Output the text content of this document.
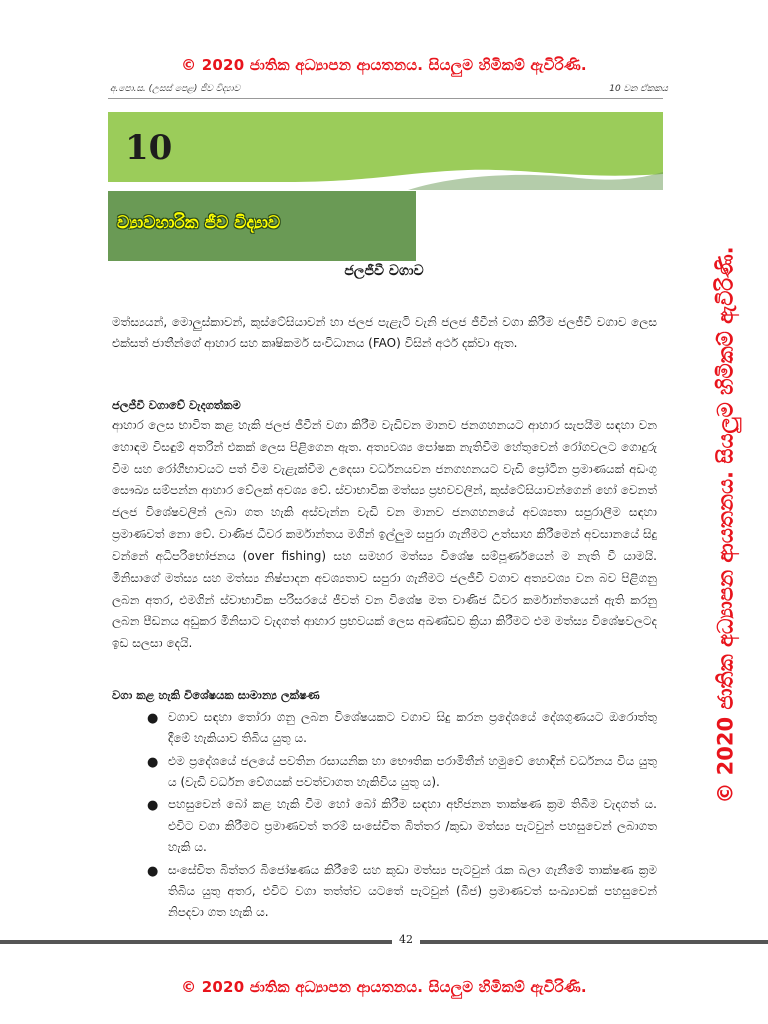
© 2020 ජාතික අධ්‍යාපන ආයතනය. සියලුම හිමිකම් ඇවිරිණි.
අ.පො.ස. (උසස් පෙළ) ජීව විද්‍යාව	10 වන ඒකකය
10
ව්‍යාවහාරික ජීව විද්‍යාව
© 2020 ජාතික අධ්‍යාපන ආයතනය. සියලුම හිමිකම් ඇවිරිණි.
ජලජීවී වගාව

මත්ස්‍යයන්, මොලුස්කාවන්, කුස්ටේසියාවන් හා ජලජ පැළැටි වැනි ජලජ ජීවීන් වගා කිරීම ජලජීවී වගාව ලෙස එක්සත් ජාතීන්ගේ ආහාර සහ කෘෂිකර්ම සංවිධානය (FAO) විසින් අර්ථ දක්වා ඇත.

ජලජීවී වගාවේ වැදගත්කම

ආහාර ලෙස භාවිත කළ හැකි ජලජ ජීවීන් වගා කිරීම වැඩිවන මානව ජනගහනයට ආහාර සැපයීම සඳහා වන හොඳම විසඳුම් අතරින් එකක් ලෙස පිළිගෙන ඇත. අත්‍යවශ්‍ය පෝෂක නැතිවීම හේතුවෙන් රෝගවලට ගොදුරු වීම සහ රෝගීභාවයට පත් වීම වැළැක්වීම උදෙසා වර්ධනයවන ජනගහනයට වැඩි ප්‍රෝටීන ප්‍රමාණයක් අඩංගු සෞඛ්‍ය සම්පන්න ආහාර වේලක් අවශ්‍ය වේ. ස්වාභාවික මත්ස්‍ය ප්‍රභවවලින්, කුස්ටේසියාවන්ගෙන් හෝ වෙනත් ජලජ විශේෂවලින් ලබා ගත හැකි අස්වැන්න වැඩි වන මානව ජනගහනයේ අවශ්‍යතා සපුරාලීම සඳහා ප්‍රමාණවත් නො වේ. වාණිජ ධීවර කර්මාන්තය මගින් ඉල්ලුම සපුරා ගැනීමට උත්සාහ කිරීමෙන් අවසානයේ සිදු වන්නේ අධිපරිභෝජනය (over fishing) සහ සමහර මත්ස්‍ය විශේෂ සම්පූර්ණයෙන් ම නැති වී යාමයි. මිනිසාගේ මත්ස්‍ය සහ මත්ස්‍ය නිෂ්පාදන අවශ්‍යතාව සපුරා ගැනීමට ජලජීවී වගාව අත්‍යවශ්‍ය වන බව පිළිගනු ලබන අතර, එමගින් ස්වාභාවික පරිසරයේ ජීවත් වන විශේෂ මත වාණිජ ධීවර කර්මාන්තයෙන් ඇති කරනු ලබන පීඩනය අඩුකර මිනිසාට වැදගත් ආහාර ප්‍රභවයක් ලෙස අඛණ්ඩව ක්‍රියා කිරීමට එම මත්ස්‍ය විශේෂවලටද ඉඩ සලසා දෙයි.

වගා කළ හැකි විශේෂයක සාමාන්‍ය ලක්ෂණ
● වගාව සඳහා තෝරා ගනු ලබන විශේෂයකට වගාව සිදු කරන ප්‍රදේශයේ දේශගුණයට ඔරොත්තු දීමේ හැකියාව තිබිය යුතු ය.
● එම ප්‍රදේශයේ ජලයේ පවතින රසායනික හා භෞතික පරාමිතීන් හමුවේ හොඳින් වර්ධනය විය යුතු ය (වැඩි වර්ධන වේගයක් පවත්වාගත හැකිවිය යුතු ය).
● පහසුවෙන් බෝ කළ හැකි වීම හෝ බෝ කිරීම සඳහා අභිජනන තාක්ෂණ ක්‍රම තිබීම වැදගත් ය. එවිට වගා කිරීමට ප්‍රමාණවත් තරම් සංසේචිත බිත්තර /කුඩා මත්ස්‍ය පැටවුන් පහසුවෙන් ලබාගත හැකි ය.
● සංසේචිත බිත්තර බිජෝෂණය කිරීමේ සහ කුඩා මත්ස්‍ය පැටවුන් රැක බලා ගැනීමේ තාක්ෂණ ක්‍රම තිබිය යුතු අතර, එවිට වගා තත්ත්ව යටතේ පැටවුන් (බීජ) ප්‍රමාණවත් සංඛ්‍යාවක් පහසුවෙන් නිපදවා ගත හැකි ය.
42
© 2020 ජාතික අධ්‍යාපන ආයතනය. සියලුම හිමිකම් ඇවිරිණි.
